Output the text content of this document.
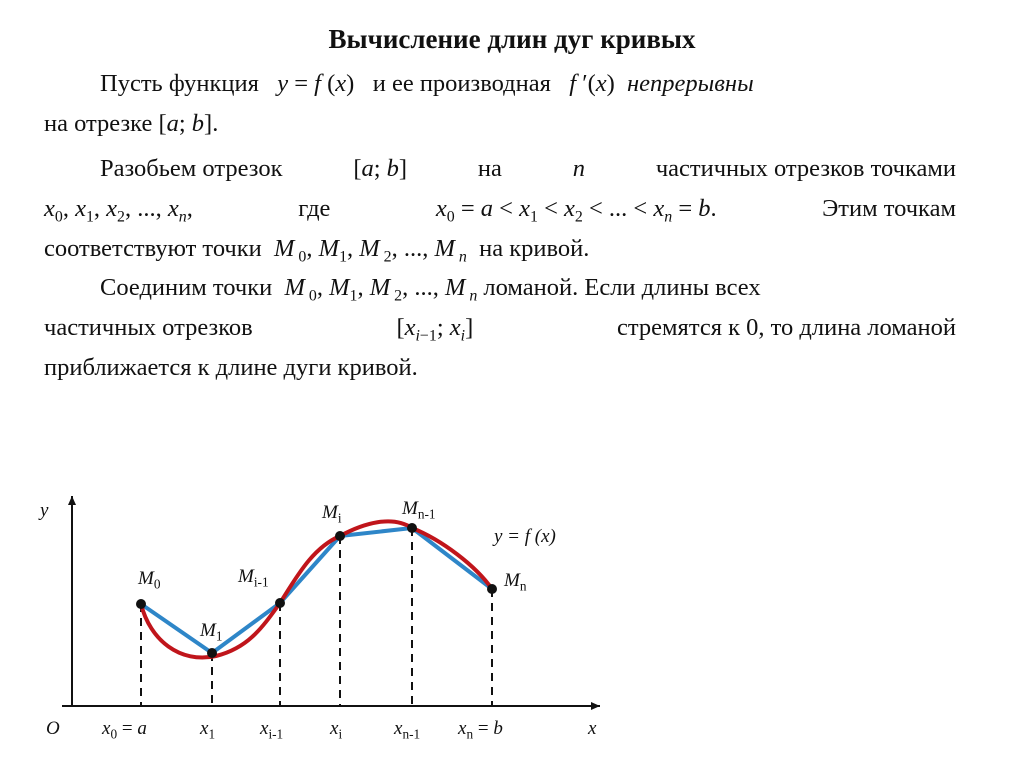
Вычисление длин дуг кривых
Пусть функция y = f (x) и ее производная f ′(x) непрерывны
на отрезке [a; b].
Разобьем отрезок	[a; b]	на	n	частичных отрезков точками
$x_0$, $x_1$, $x_2$, ..., $x_n$,	где	$x_0 = a < x_1 < x_2$ < ... < $x_n = b$.	Этим точкам
соответствуют точки M $_0$, $M_1$, M $_2$, ..., M $_n$ на кривой.
Соединим точки M $_0$, $M_1$, M $_2$, ..., M $_n$ ломаной. Если длины всех
частичных отрезков	[$x_{i-1}$; $x_i$]	стремятся к 0, то длина ломаной
приближается к длине дуги кривой.
y
x
O
y = f (x)
$M_0$
$x_0 = a$
$M_1$
$x_1$
$M_{i-1}$
$x_{i-1}$
$M_i$
$x_i$
$M_{n-1}$
$x_{n-1}$
$M_n$
$x_n = b$
